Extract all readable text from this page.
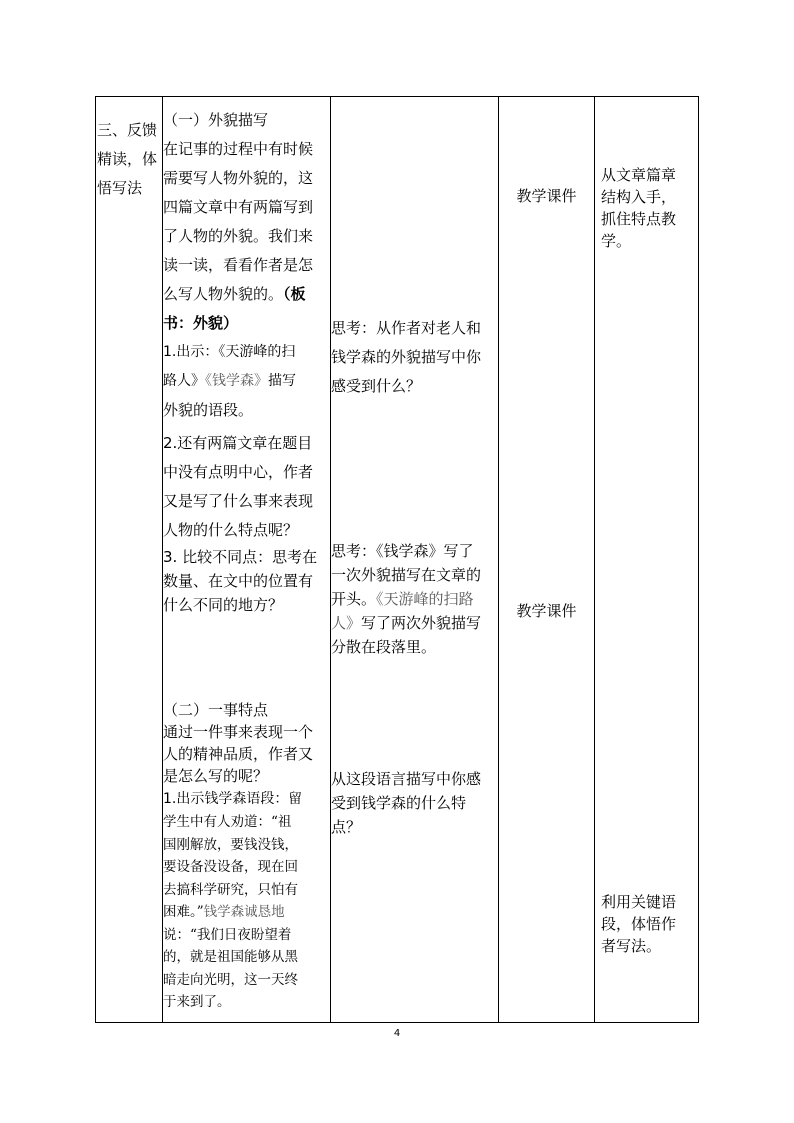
三、反馈

精读，体

悟写法

（一）外貌描写

在记事的过程中有时候

需要写人物外貌的，这

四篇文章中有两篇写到

了人物的外貌。我们来

读一读，看看作者是怎

么写人物外貌的。（板

书：外貌）

1.出示：《天游峰的扫

路人》《钱学森》描写

外貌的语段。

2.还有两篇文章在题目

中没有点明中心，作者

又是写了什么事来表现

人物的什么特点呢？

3. 比较不同点：思考在

数量、在文中的位置有

什么不同的地方？

（二）一事特点

通过一件事来表现一个

人的精神品质，作者又

是怎么写的呢？

1.出示钱学森语段：留

学生中有人劝道：“祖

国刚解放，要钱没钱，

要设备没设备，现在回

去搞科学研究，只怕有

困难。”钱学森诚恳地

说：“我们日夜盼望着

的，就是祖国能够从黑

暗走向光明，这一天终

于来到了。

思考：从作者对老人和

钱学森的外貌描写中你

感受到什么？

思考：《钱学森》写了

一次外貌描写在文章的

开头。《天游峰的扫路

人》写了两次外貌描写

分散在段落里。

从这段语言描写中你感

受到钱学森的什么特

点？

教学课件

教学课件

从文章篇章

结构入手，

抓住特点教

学。

利用关键语

段，体悟作

者写法。

4
